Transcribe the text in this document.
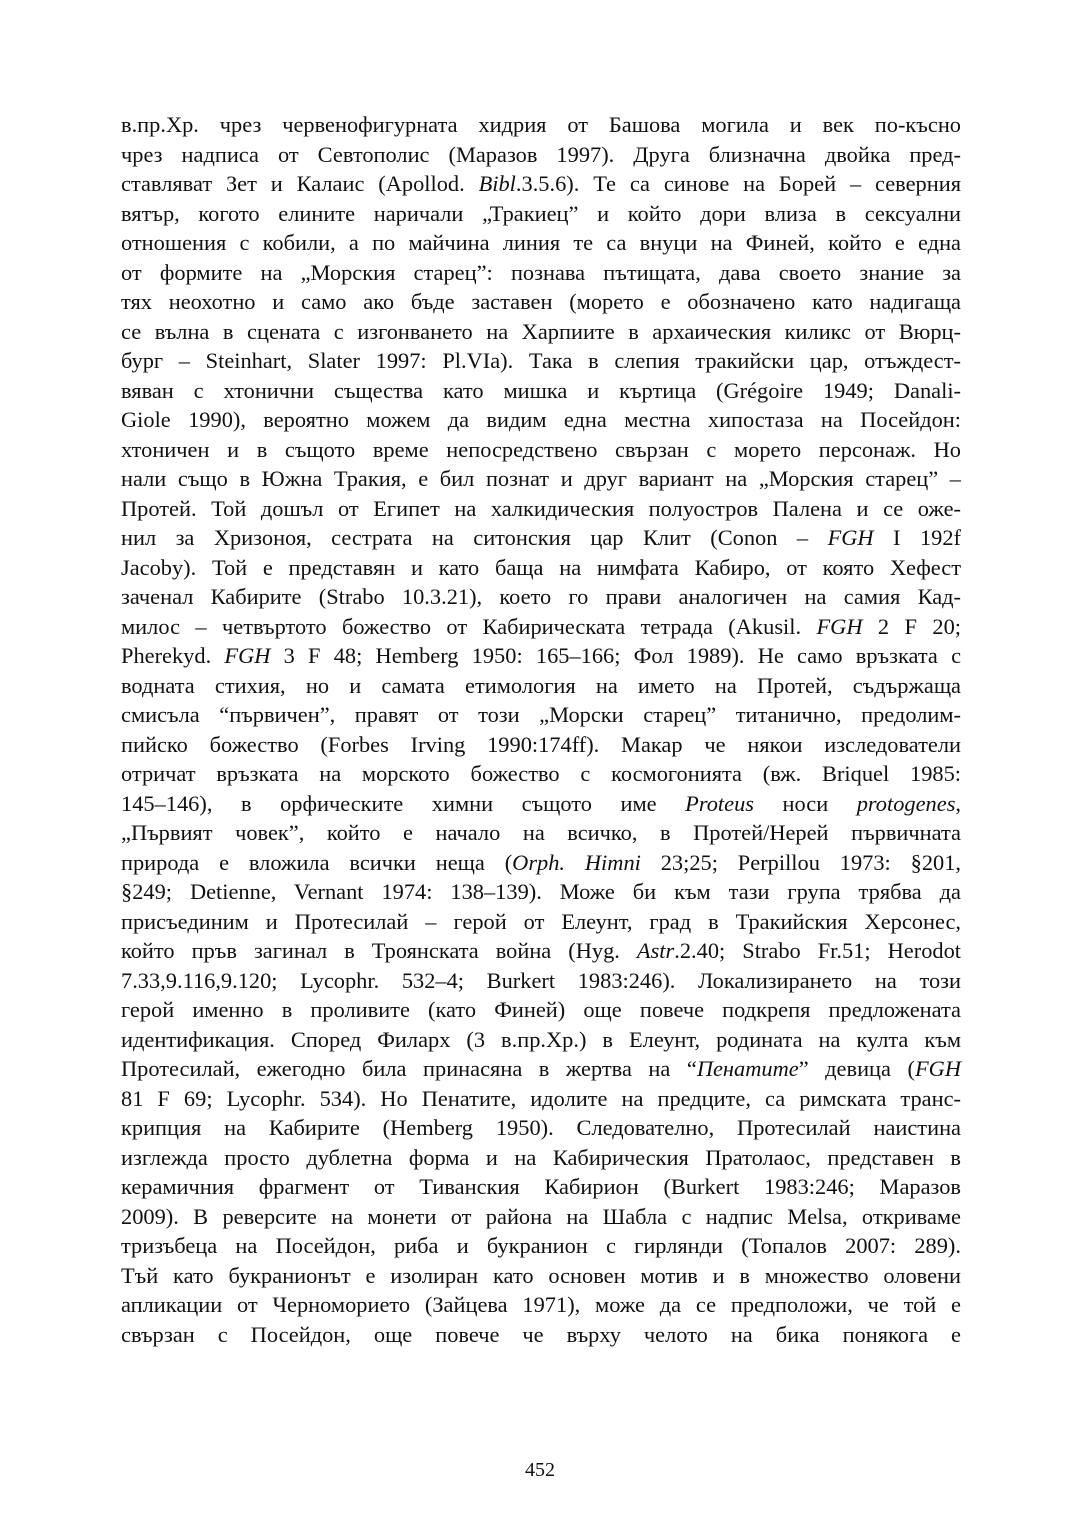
в.пр.Хр. чрез червенофигурната хидрия от Башова могила и век по-късно
чрез надписа от Севтополис (Маразов 1997). Друга близначна двойка пред-
ставляват Зет и Калаис (Apollod. Bibl.3.5.6). Те са синове на Борей – северния
вятър, когото елините наричали „Тракиец” и който дори влиза в сексуални
отношения с кобили, а по майчина линия те са внуци на Финей, който е една
от формите на „Морския старец”: познава пътищата, дава своето знание за
тях неохотно и само ако бъде заставен (морето е обозначено като надигаща
се вълна в сцената с изгонването на Харпиите в архаическия киликс от Вюрц-
бург – Steinhart, Slater 1997: Pl.VIa). Така в слепия тракийски цар, отъждест-
вяван с хтонични същества като мишка и къртица (Grégoire 1949; Danali-
Giole 1990), вероятно можем да видим една местна хипостаза на Посейдон:
хтоничен и в същото време непосредствено свързан с морето персонаж. Но
нали също в Южна Тракия, е бил познат и друг вариант на „Морския старец” –
Протей. Той дошъл от Египет на халкидическия полуостров Палена и се оже-
нил за Хризоноя, сестрата на ситонския цар Клит (Conon – FGH I 192f
Jacoby). Той е представян и като баща на нимфата Кабиро, от която Хефест
заченал Кабирите (Strabo 10.3.21), което го прави аналогичен на самия Кад-
милос – четвъртото божество от Кабирическата тетрада (Akusil. FGH 2 F 20;
Pherekyd. FGH 3 F 48; Hemberg 1950: 165–166; Фол 1989). Не само връзката с
водната стихия, но и самата етимология на името на Протей, съдържаща
смисъла “първичен”, правят от този „Морски старец” титанично, предолим-
пийско божество (Forbes Irving 1990:174ff). Макар че някои изследователи
отричат връзката на морското божество с космогонията (вж. Briquel 1985:
145–146), в орфическите химни същото име Proteus носи protogenes,
„Първият човек”, който е начало на всичко, в Протей/Нерей първичната
природа е вложила всички неща (Orph. Himni 23;25; Perpillou 1973: §201,
§249; Detienne, Vernant 1974: 138–139). Може би към тази група трябва да
присъединим и Протесилай – герой от Елеунт, град в Тракийския Херсонес,
който пръв загинал в Троянската война (Hyg. Astr.2.40; Strabo Fr.51; Herodot
7.33,9.116,9.120; Lycophr. 532–4; Burkert 1983:246). Локализирането на този
герой именно в проливите (като Финей) още повече подкрепя предложената
идентификация. Според Филарх (3 в.пр.Хр.) в Елеунт, родината на култа към
Протесилай, ежегодно била принасяна в жертва на “Пенатите” девица (FGH
81 F 69; Lycophr. 534). Но Пенатите, идолите на предците, са римската транс-
крипция на Кабирите (Hemberg 1950). Следователно, Протесилай наистина
изглежда просто дублетна форма и на Кабирическия Пратолаос, представен в
керамичния фрагмент от Тиванския Кабирион (Burkert 1983:246; Маразов
2009). В реверсите на монети от района на Шабла с надпис Melsa, откриваме
тризъбеца на Посейдон, риба и букранион с гирлянди (Топалов 2007: 289).
Тъй като букранионът е изолиран като основен мотив и в множество оловени
апликации от Черноморието (Зайцева 1971), може да се предположи, че той е
свързан с Посейдон, още повече че върху челото на бика понякога е
452
